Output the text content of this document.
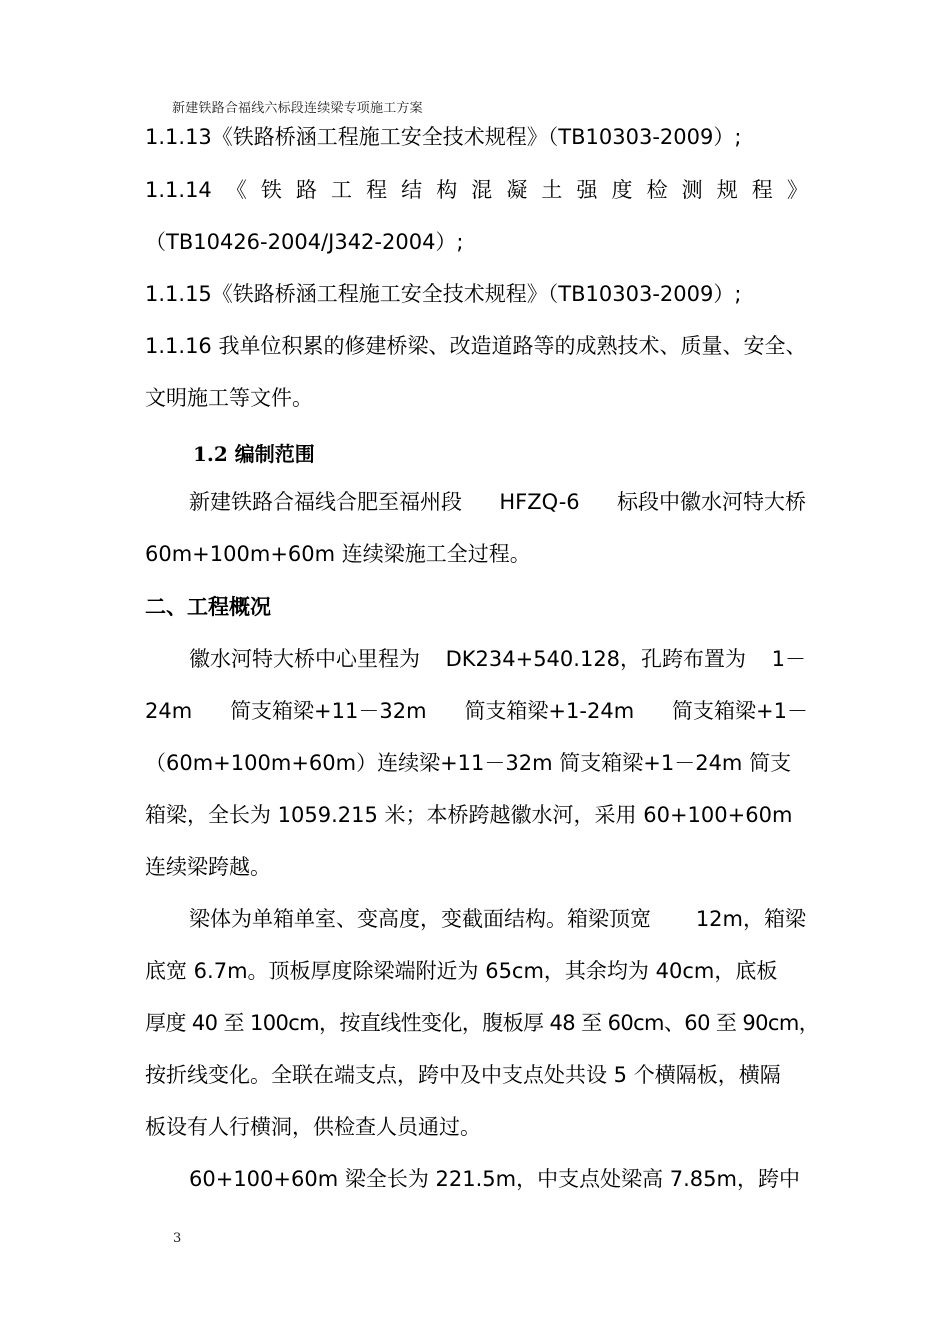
新建铁路合福线六标段连续梁专项施工方案
1.1.13《铁路桥涵工程施工安全技术规程》（TB10303-2009）;
1.1.14 《 铁 路 工 程 结 构 混 凝 土 强 度 检 测 规 程 》
（TB10426-2004/J342-2004）;
1.1.15《铁路桥涵工程施工安全技术规程》（TB10303-2009）;
1.1.16 我单位积累的修建桥梁、改造道路等的成熟技术、质量、安全、
文明施工等文件。
1.2 编制范围
新建铁路合福线合肥至福州段 HFZQ-6 标段中徽水河特大桥
60m+100m+60m 连续梁施工全过程。
二、工程概况
徽水河特大桥中心里程为 DK234+540.128，孔跨布置为 1－
24m 简支箱梁+11－32m 简支箱梁+1-24m 简支箱梁+1－
（60m+100m+60m）连续梁+11－32m 简支箱梁+1－24m 简支
箱梁，全长为 1059.215 米；本桥跨越徽水河，采用 60+100+60m
连续梁跨越。
梁体为单箱单室、变高度，变截面结构。箱梁顶宽 12m，箱梁
底宽 6.7m。顶板厚度除梁端附近为 65cm，其余均为 40cm，底板
厚度 40 至 100cm，按直线性变化，腹板厚 48 至 60cm、60 至 90cm，
按折线变化。全联在端支点，跨中及中支点处共设 5 个横隔板，横隔
板设有人行横洞，供检查人员通过。
60+100+60m 梁全长为 221.5m，中支点处梁高 7.85m，跨中
3
